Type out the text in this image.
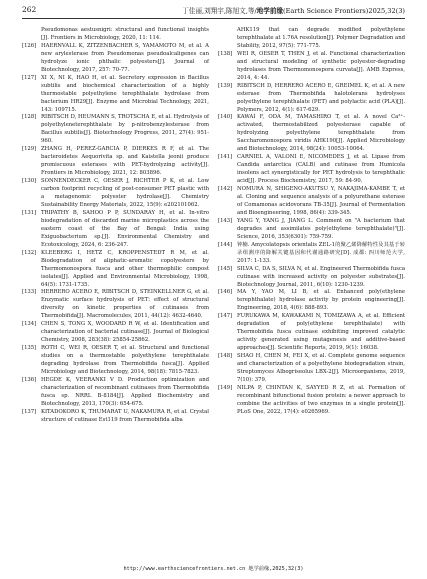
262	丁佳丽,刘翔宇,陈旭文,等/地学前缘(Earth Science Frontiers)2025,32(3)
Pseudomonas aestusnigri: structural and functional insights [J]. Frontiers in Microbiology, 2020, 11: 114.
[126] HAERNVALL K, ZITZENBACHER S, YAMAMOTO M, et al. A new arylesterase from Pseudomonas pseudoalcaligenes can hydrolyze ionic phthalic polyesters[J]. Journal of Biotechnology, 2017, 257: 70-77.
[127] XI X, NI K, HAO H, et al. Secretory expression in Bacillus subtilis and biochemical characterization of a highly thermostable polyethylene terephthalate hydrolase from bacterium HR29[J]. Enzyme and Microbial Technology, 2021, 143: 109715.
[128] RIBITSCH D, HEUMANN S, TROTSCHA E, et al. Hydrolysis of polyethyleneterephthalate by p-nitrobenzylesterase from Bacillus subtilis[J]. Biotechnology Progress, 2011, 27(4): 951-960.
[129] ZHANG H, PEREZ-GARCIA P, DIERKES R F, et al. The bacteroidetes Aequorivita sp. and Kaistella jeonii produce promiscuous esterases with PET-hydrolyzing activity[J]. Frontiers in Microbiology, 2021, 12: 803896.
[130] SONNENDECKER C, OESER J, RICHTER P K, et al. Low carbon footprint recycling of post-consumer PET plastic with a metagenomic polyester hydrolase[J]. Chemistry Sustainability Energy Materials, 2022, 15(9): e202101062.
[131] TRIPATHY B, SAHOO P P, SUNDARAY H, et al. In-vitro biodegradation of discarded marine microplastics across the eastern coast of the Bay of Bengal: India using Exiguobacterium sp.[J]. Environmental Chemistry and Ecotoxicology, 2024, 6: 236-247.
[132] KLEEBERG I, HETZ C, KROPPENSTEDT R M, et al. Biodegradation of aliphatic-aromatic copolyesters by Thermomonospora fusca and other thermophilic compost isolates[J]. Applied and Environmental Microbiology, 1998, 64(5): 1731-1735.
[133] HERRERO ACERO E, RIBITSCH D, STEINKELLNER G, et al. Enzymatic surface hydrolysis of PET: effect of structural diversity on kinetic properties of cutinases from Thermobifida[J]. Macromolecules, 2011, 44(12): 4632-4640.
[134] CHEN S, TONG X, WOODARD R W, et al. Identification and characterization of bacterial cutinase[J]. Journal of Biological Chemistry, 2008, 283(38): 25854-25862.
[135] ROTH C, WEI R, OESER T, et al. Structural and functional studies on a thermostable polyethylene terephthalate degrading hydrolase from Thermobifida fusca[J]. Applied Microbiology and Biotechnology, 2014, 98(18): 7815-7823.
[136] HEGDE K, VEERANKI V D. Production optimization and characterization of recombinant cutinases from Thermobifida fusca sp. NRRL B-8184[J]. Applied Biochemistry and Biotechnology, 2013, 170(3): 654-675.
[137] KITADOKORO K, THUMARAT U, NAKAMURA R, et al. Crystal structure of cutinase Est119 from Thermobifida alba
AHK119 that can degrade modified polyethylene terephthalate at 1.76A resolution[J]. Polymer Degradation and Stability, 2012, 97(5): 771-775.
[138] WEI R, OESER T, THEN J, et al. Functional characterization and structural modeling of synthetic polyester-degrading hydrolases from Thermomonospora curvata[J]. AMB Express, 2014, 4: 44.
[139] RIBITSCH D, HERRERO ACERO E, GREIMEL K, et al. A new esterase from Thermobifida halotolerans hydrolyses polyethylene terephthalate (PET) and polylactic acid (PLA)[J]. Polymers, 2012, 4(1): 617-629.
[140] KAWAI F, ODA M, TAMASHIRO T, et al. A novel Ca²⁺-activated, thermostabilized polyesterase capable of hydrolyzing polyethylene terephthalate from Saccharomonospora viridis AHK190[J]. Applied Microbiology and Biotechnology, 2014, 98(24): 10053-10064.
[141] CARNIEL A, VALONI E, NICOMEDES J, et al. Lipase from Candida antarctica (CALB) and cutinase from Humicola insolens act synergistically for PET hydrolysis to terephthalic acid[J]. Process Biochemistry, 2017, 59: 84-90.
[142] NOMURA N, SHIGENO-AKUTSU Y, NAKAJIMA-KAMBE T, et al. Cloning and sequence analysis of a polyurethane esterase of Comamonas acidovorans TB-35[J]. Journal of Fermentation and Bioengineering, 1998, 86(4): 339-345.
[143] YANG Y, YANG J, JIANG L. Comment on "A bacterium that degrades and assimilates poly(ethylene terephthalate)"[J]. Science, 2016, 353(6301): 759-759.
[144] 钟楠. Amycolatopsis orientalis ZEL-1的聚乙烯降解特性及其基于转录组测序的降解关键基因和代谢通路研究[D]. 成都: 四川师范大学, 2017: 1-133.
[145] SILVA C, DA S, SILVA N, et al. Engineered Thermobifida fusca cutinase with increased activity on polyester substrates[J]. Biotechnology Journal, 2011, 6(10): 1230-1239.
[146] MA Y, YAO M, LI B, et al. Enhanced poly(ethylene terephthalate) hydrolase activity by protein engineering[J]. Engineering, 2018, 4(6): 888-893.
[147] FURUKAWA M, KAWAKAMI N, TOMIZAWA A, et al. Efficient degradation of poly(ethylene terephthalate) with Thermobifida fusca cutinase exhibiting improved catalytic activity generated using mutagenesis and additive-based approaches[J]. Scientific Reports, 2019, 9(1): 16038.
[148] SHAO H, CHEN M, FEI X, et al. Complete genome sequence and characterization of a polyethylene biodegradation strain, Streptomyces Albogriseolus LBX-2[J]. Microorganisms, 2019, 7(10): 379.
[149] NILPA P, CHINTAN K, SAYYED R Z, et al. Formation of recombinant bifunctional fusion protein: a newer approach to combine the activities of two enzymes in a single protein[J]. PLoS One, 2022, 17(4): e0265969.
http://www.earthsciencefrontiers.net.cn 地学前缘,2025,32(3)
